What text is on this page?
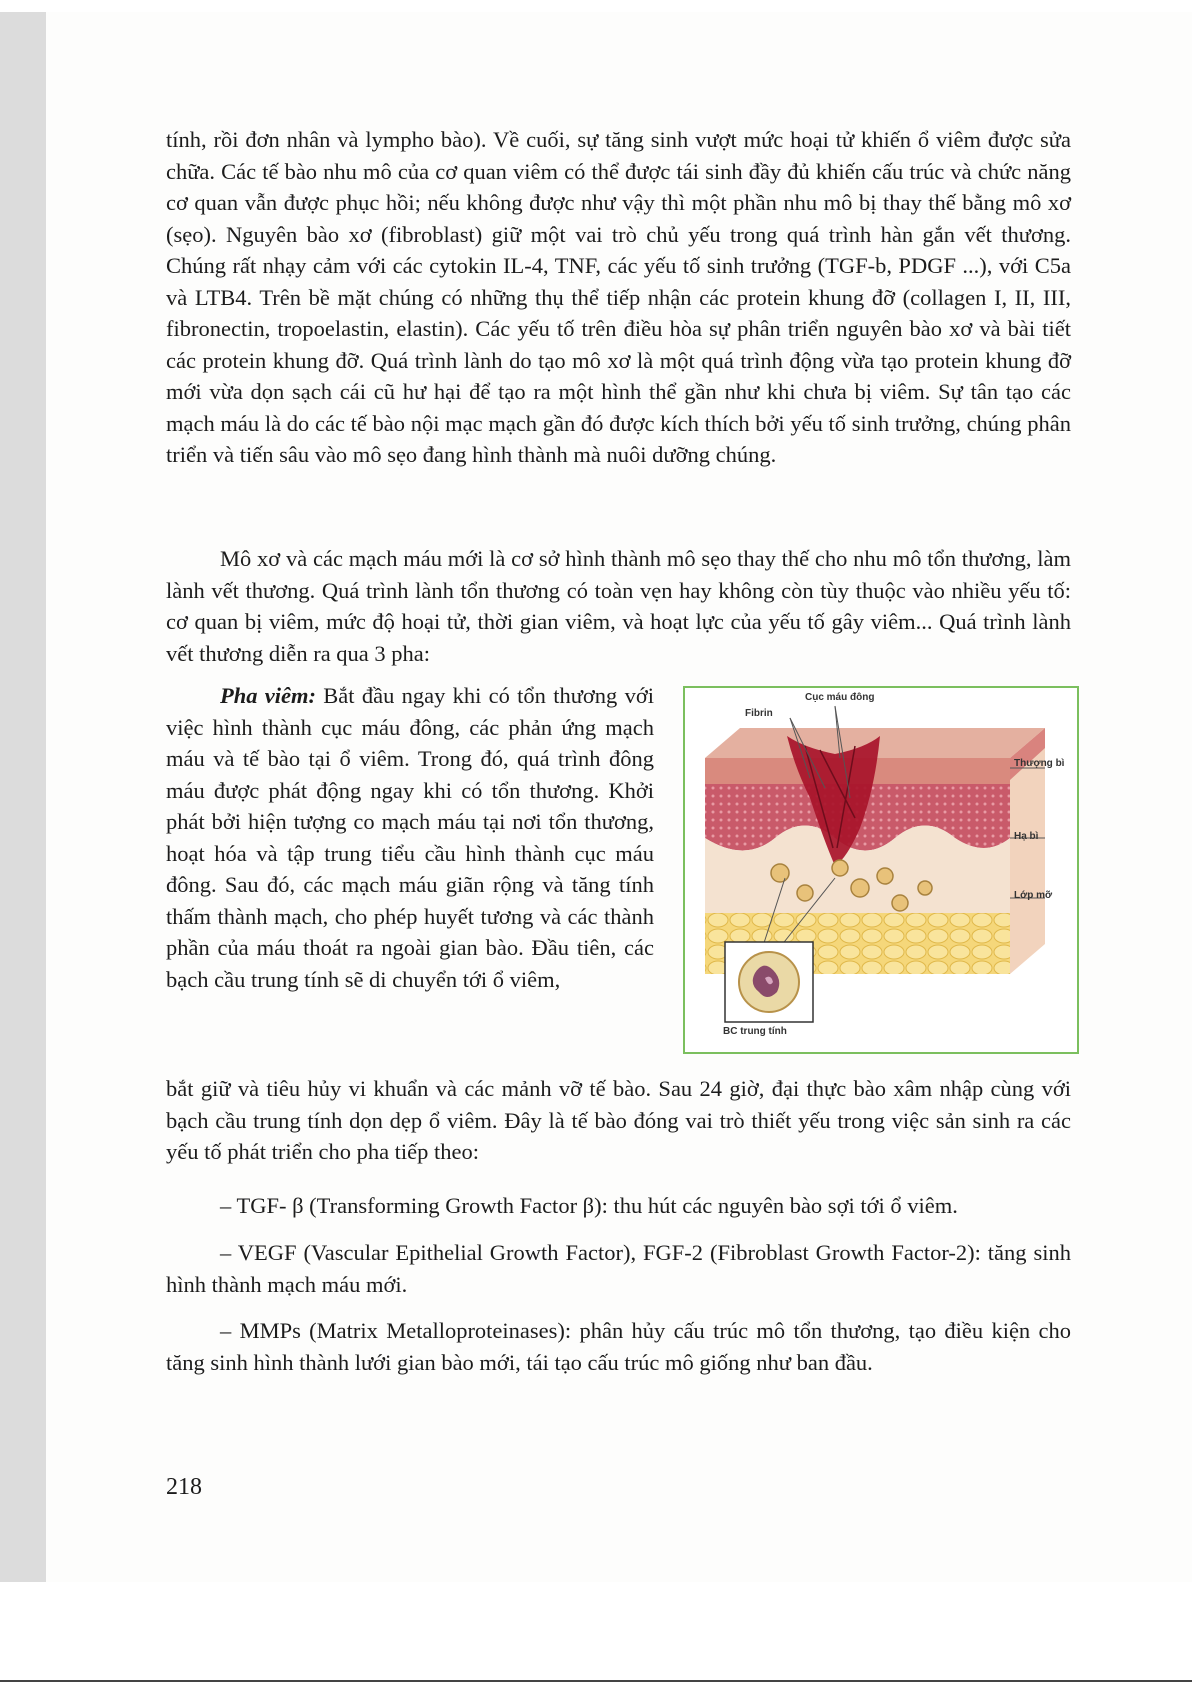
tính, rồi đơn nhân và lympho bào). Về cuối, sự tăng sinh vượt mức hoại tử khiến ổ viêm được sửa chữa. Các tế bào nhu mô của cơ quan viêm có thể được tái sinh đầy đủ khiến cấu trúc và chức năng cơ quan vẫn được phục hồi; nếu không được như vậy thì một phần nhu mô bị thay thế bằng mô xơ (sẹo). Nguyên bào xơ (fibroblast) giữ một vai trò chủ yếu trong quá trình hàn gắn vết thương. Chúng rất nhạy cảm với các cytokin IL-4, TNF, các yếu tố sinh trưởng (TGF-b, PDGF ...), với C5a và LTB4. Trên bề mặt chúng có những thụ thể tiếp nhận các protein khung đỡ (collagen I, II, III, fibronectin, tropoelastin, elastin). Các yếu tố trên điều hòa sự phân triển nguyên bào xơ và bài tiết các protein khung đỡ. Quá trình lành do tạo mô xơ là một quá trình động vừa tạo protein khung đỡ mới vừa dọn sạch cái cũ hư hại để tạo ra một hình thể gần như khi chưa bị viêm. Sự tân tạo các mạch máu là do các tế bào nội mạc mạch gần đó được kích thích bởi yếu tố sinh trưởng, chúng phân triển và tiến sâu vào mô sẹo đang hình thành mà nuôi dưỡng chúng.

Mô xơ và các mạch máu mới là cơ sở hình thành mô sẹo thay thế cho nhu mô tổn thương, làm lành vết thương. Quá trình lành tổn thương có toàn vẹn hay không còn tùy thuộc vào nhiều yếu tố: cơ quan bị viêm, mức độ hoại tử, thời gian viêm, và hoạt lực của yếu tố gây viêm... Quá trình lành vết thương diễn ra qua 3 pha:

Pha viêm: Bắt đầu ngay khi có tổn thương với việc hình thành cục máu đông, các phản ứng mạch máu và tế bào tại ổ viêm. Trong đó, quá trình đông máu được phát động ngay khi có tổn thương. Khởi phát bởi hiện tượng co mạch máu tại nơi tổn thương, hoạt hóa và tập trung tiểu cầu hình thành cục máu đông. Sau đó, các mạch máu giãn rộng và tăng tính thấm thành mạch, cho phép huyết tương và các thành phần của máu thoát ra ngoài gian bào. Đầu tiên, các bạch cầu trung tính sẽ di chuyển tới ổ viêm,

Cục máu đông
Fibrin
Thượng bì
Hạ bì
Lớp mỡ
BC trung tính

bắt giữ và tiêu hủy vi khuẩn và các mảnh vỡ tế bào. Sau 24 giờ, đại thực bào xâm nhập cùng với bạch cầu trung tính dọn dẹp ổ viêm. Đây là tế bào đóng vai trò thiết yếu trong việc sản sinh ra các yếu tố phát triển cho pha tiếp theo:

– TGF- β (Transforming Growth Factor β): thu hút các nguyên bào sợi tới ổ viêm.

– VEGF (Vascular Epithelial Growth Factor), FGF-2 (Fibroblast Growth Factor-2): tăng sinh hình thành mạch máu mới.

– MMPs (Matrix Metalloproteinases): phân hủy cấu trúc mô tổn thương, tạo điều kiện cho tăng sinh hình thành lưới gian bào mới, tái tạo cấu trúc mô giống như ban đầu.

218
